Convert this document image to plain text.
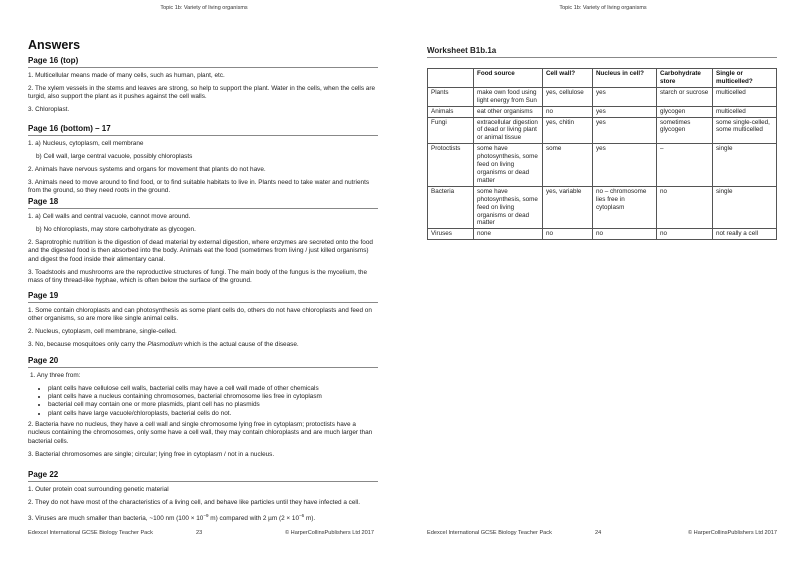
Topic 1b: Variety of living organisms
Answers
Page 16 (top)

1. Multicellular means made of many cells, such as human, plant, etc.

2. The xylem vessels in the stems and leaves are strong, so help to support the plant. Water in the cells, when the cells are turgid, also support the plant as it pushes against the cell walls.

3. Chloroplast.

Page 16 (bottom) – 17

1. a) Nucleus, cytoplasm, cell membrane

b) Cell wall, large central vacuole, possibly chloroplasts

2. Animals have nervous systems and organs for movement that plants do not have.

3. Animals need to move around to find food, or to find suitable habitats to live in. Plants need to take water and nutrients from the ground, so they need roots in the ground.

Page 18

1. a) Cell walls and central vacuole, cannot move around.

b) No chloroplasts, may store carbohydrate as glycogen.

2. Saprotrophic nutrition is the digestion of dead material by external digestion, where enzymes are secreted onto the food and the digested food is then absorbed into the body. Animals eat the food (sometimes from living / just killed organisms) and digest the food inside their alimentary canal.

3. Toadstools and mushrooms are the reproductive structures of fungi. The main body of the fungus is the mycelium, the mass of tiny thread-like hyphae, which is often below the surface of the ground.

Page 19

1. Some contain chloroplasts and can photosynthesis as some plant cells do, others do not have chloroplasts and feed on other organisms, so are more like single animal cells.

2. Nucleus, cytoplasm, cell membrane, single-celled.

3. No, because mosquitoes only carry the Plasmodium which is the actual cause of the disease.

Page 20

1. Any three from:

• plant cells have cellulose cell walls, bacterial cells may have a cell wall made of other chemicals
• plant cells have a nucleus containing chromosomes, bacterial chromosome lies free in cytoplasm
• bacterial cell may contain one or more plasmids, plant cell has no plasmids
• plant cells have large vacuole/chloroplasts, bacterial cells do not.

2. Bacteria have no nucleus, they have a cell wall and single chromosome lying free in cytoplasm; protoctists have a nucleus containing the chromosomes, only some have a cell wall, they may contain chloroplasts and are much larger than bacterial cells.

3. Bacterial chromosomes are single; circular; lying free in cytoplasm / not in a nucleus.

Page 22

1. Outer protein coat surrounding genetic material

2. They do not have most of the characteristics of a living cell, and behave like particles until they have infected a cell.

3. Viruses are much smaller than bacteria, ~100 nm ($100 \times 10^{-9}$ m) compared with 2 µm ($2 \times 10^{-6}$ m).

Edexcel International GCSE Biology Teacher Pack	23	© HarperCollinsPublishers Ltd 2017
Topic 1b: Variety of living organisms
Worksheet B1b.1a
	Food source	Cell wall?	Nucleus in cell?	Carbohydrate store	Single or multicelled?
Plants	make own food using light energy from Sun	yes, cellulose	yes	starch or sucrose	multicelled
Animals	eat other organisms	no	yes	glycogen	multicelled
Fungi	extracellular digestion of dead or living plant or animal tissue	yes, chitin	yes	sometimes glycogen	some single-celled, some multicelled
Protoctists	some have photosynthesis, some feed on living organisms or dead matter	some	yes	–	single
Bacteria	some have photosynthesis, some feed on living organisms or dead matter	yes, variable	no – chromosome lies free in cytoplasm	no	single
Viruses	none	no	no	no	not really a cell
Edexcel International GCSE Biology Teacher Pack	24	© HarperCollinsPublishers Ltd 2017
